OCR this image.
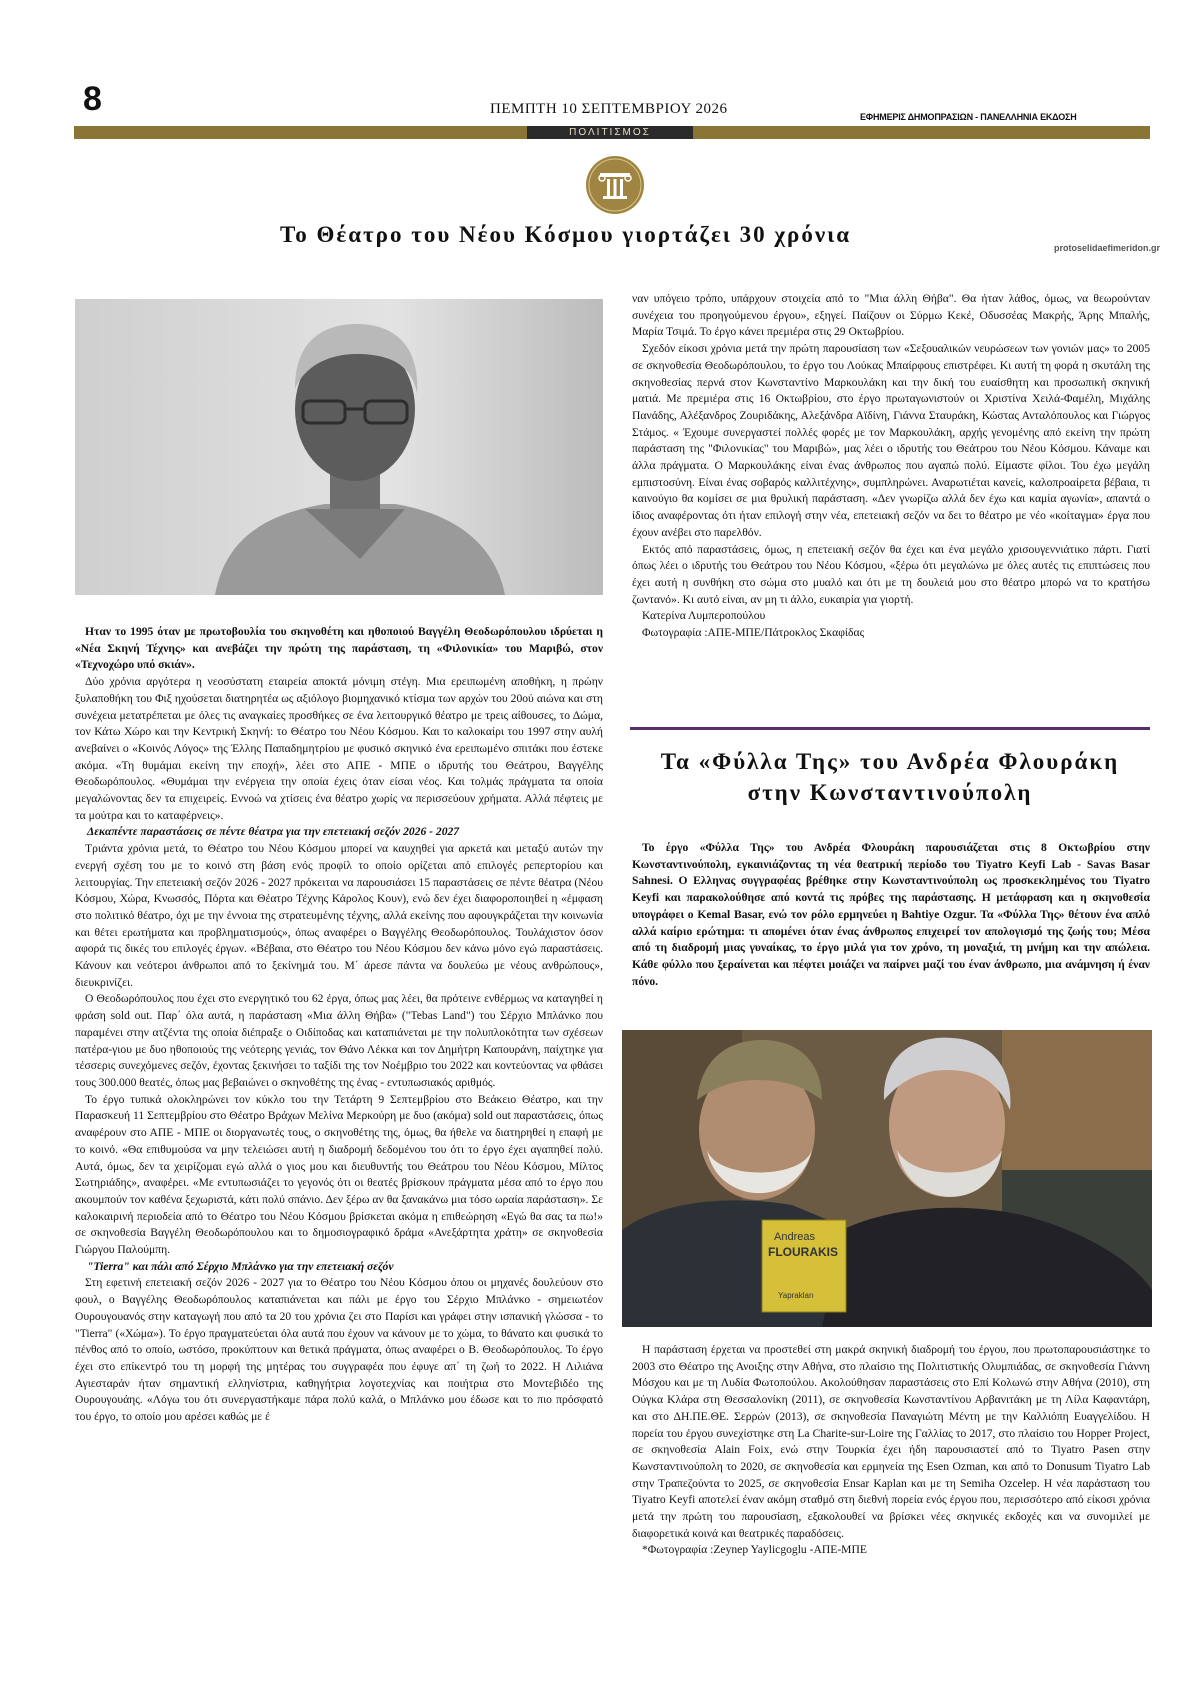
8	ΠΕΜΠΤΗ 10 ΣΕΠΤΕΜΒΡΙΟΥ 2026	ΕΦΗΜΕΡΙΣ ΔΗΜΟΠΡΑΣΙΩΝ - ΠΑΝΕΛΛΗΝΙΑ ΕΚΔΟΣΗ
ΠΟΛΙΤΙΣΜΟΣ
Το Θέατρο του Νέου Κόσμου γιορτάζει 30 χρόνια
protoselidaefimeridon.gr

Ηταν το 1995 όταν με πρωτοβουλία του σκηνοθέτη και ηθοποιού Βαγγέλη Θεοδωρόπουλου ιδρύεται η «Νέα Σκηνή Τέχνης» και ανεβάζει την πρώτη της παράσταση, τη «Φιλονικία» του Μαριβώ, στον «Τεχνοχώρο υπό σκιάν».

Δύο χρόνια αργότερα η νεοσύστατη εταιρεία αποκτά μόνιμη στέγη. Μια ερειπωμένη αποθήκη, η πρώην ξυλαποθήκη του Φιξ ηχούσεται διατηρητέα ως αξιόλογο βιομηχανικό κτίσμα των αρχών του 20ού αιώνα και στη συνέχεια μετατρέπεται με όλες τις αναγκαίες προσθήκες σε ένα λειτουργικό θέατρο με τρεις αίθουσες, το Δώμα, τον Κάτω Χώρο και την Κεντρική Σκηνή: το Θέατρο του Νέου Κόσμου. Και το καλοκαίρι του 1997 στην αυλή ανεβαίνει ο «Κοινός Λόγος» της Έλλης Παπαδημητρίου με φυσικό σκηνικό ένα ερειπωμένο σπιτάκι που έστεκε ακόμα. «Τη θυμάμαι εκείνη την εποχή», λέει στο ΑΠΕ - ΜΠΕ ο ιδρυτής του Θεάτρου, Βαγγέλης Θεοδωρόπουλος. «Θυμάμαι την ενέργεια την οποία έχεις όταν είσαι νέος. Και τολμάς πράγματα τα οποία μεγαλώνοντας δεν τα επιχειρείς. Εννοώ να χτίσεις ένα θέατρο χωρίς να περισσεύουν χρήματα. Αλλά πέφτεις με τα μούτρα και το καταφέρνεις».

Δεκαπέντε παραστάσεις σε πέντε θέατρα για την επετειακή σεζόν 2026 - 2027

Τριάντα χρόνια μετά, το Θέατρο του Νέου Κόσμου μπορεί να καυχηθεί για αρκετά και μεταξύ αυτών την ενεργή σχέση του με το κοινό στη βάση ενός προφίλ το οποίο ορίζεται από επιλογές ρεπερτορίου και λειτουργίας. Την επετειακή σεζόν 2026 - 2027 πρόκειται να παρουσιάσει 15 παραστάσεις σε πέντε θέατρα (Νέου Κόσμου, Χώρα, Κνωσσός, Πόρτα και Θέατρο Τέχνης Κάρολος Κουν), ενώ δεν έχει διαφοροποιηθεί η «έμφαση στο πολιτικό θέατρο, όχι με την έννοια της στρατευμένης τέχνης, αλλά εκείνης που αφουγκράζεται την κοινωνία και θέτει ερωτήματα και προβληματισμούς», όπως αναφέρει ο Βαγγέλης Θεοδωρόπουλος. Τουλάχιστον όσον αφορά τις δικές του επιλογές έργων. «Βέβαια, στο Θέατρο του Νέου Κόσμου δεν κάνω μόνο εγώ παραστάσεις. Κάνουν και νεότεροι άνθρωποι από το ξεκίνημά του. Μ΄ άρεσε πάντα να δουλεύω με νέους ανθρώπους», διευκρινίζει.

Ο Θεοδωρόπουλος που έχει στο ενεργητικό του 62 έργα, όπως μας λέει, θα πρότεινε ενθέρμως να καταγηθεί η φράση sold out. Παρ΄ όλα αυτά, η παράσταση «Μια άλλη Θήβα» ("Tebas Land") του Σέρχιο Μπλάνκο που παραμένει στην ατζέντα της οποία διέπραξε ο Οιδίποδας και καταπιάνεται με την πολυπλοκότητα των σχέσεων πατέρα-γιου με δυο ηθοποιούς της νεότερης γενιάς, τον Θάνο Λέκκα και τον Δημήτρη Καπουράνη, παίχτηκε για τέσσερις συνεχόμενες σεζόν, έχοντας ξεκινήσει το ταξίδι της τον Νοέμβριο του 2022 και κοντεύοντας να φθάσει τους 300.000 θεατές, όπως μας βεβαιώνει ο σκηνοθέτης της ένας - εντυπωσιακός αριθμός.

Το έργο τυπικά ολοκληρώνει τον κύκλο του την Τετάρτη 9 Σεπτεμβρίου στο Βεάκειο Θέατρο, και την Παρασκευή 11 Σεπτεμβρίου στο Θέατρο Βράχων Μελίνα Μερκούρη με δυο (ακόμα) sold out παραστάσεις, όπως αναφέρουν στο ΑΠΕ - ΜΠΕ οι διοργανωτές τους, ο σκηνοθέτης της, όμως, θα ήθελε να διατηρηθεί η επαφή με το κοινό. «Θα επιθυμούσα να μην τελειώσει αυτή η διαδρομή δεδομένου του ότι το έργο έχει αγαπηθεί πολύ. Αυτά, όμως, δεν τα χειρίζομαι εγώ αλλά ο γιος μου και διευθυντής του Θεάτρου του Νέου Κόσμου, Μίλτος Σωτηριάδης», αναφέρει. «Με εντυπωσιάζει το γεγονός ότι οι θεατές βρίσκουν πράγματα μέσα από το έργο που ακουμπούν τον καθένα ξεχωριστά, κάτι πολύ σπάνιο. Δεν ξέρω αν θα ξανακάνω μια τόσο ωραία παράσταση». Σε καλοκαιρινή περιοδεία από το Θέατρο του Νέου Κόσμου βρίσκεται ακόμα η επιθεώρηση «Εγώ θα σας τα πω!» σε σκηνοθεσία Βαγγέλη Θεοδωρόπουλου και το δημοσιογραφικό δράμα «Ανεξάρτητα χράτη» σε σκηνοθεσία Γιώργου Παλούμπη.

"Tierra" και πάλι από Σέρχιο Μπλάνκο για την επετειακή σεζόν

Στη εφετινή επετειακή σεζόν 2026 - 2027 για το Θέατρο του Νέου Κόσμου όπου οι μηχανές δουλεύουν στο φουλ, ο Βαγγέλης Θεοδωρόπουλος καταπιάνεται και πάλι με έργο του Σέρχιο Μπλάνκο - σημειωτέον Ουρουγουανός στην καταγωγή που από τα 20 του χρόνια ζει στο Παρίσι και γράφει στην ισπανική γλώσσα - το "Tierra" («Χώμα»). Το έργο πραγματεύεται όλα αυτά που έχουν να κάνουν με το χώμα, το θάνατο και φυσικά το πένθος από το οποίο, ωστόσο, προκύπτουν και θετικά πράγματα, όπως αναφέρει ο Β. Θεοδωρόπουλος. Το έργο έχει στο επίκεντρό του τη μορφή της μητέρας του συγγραφέα που έφυγε απ΄ τη ζωή το 2022. Η Λιλιάνα Αγιεσταράν ήταν σημαντική ελληνίστρια, καθηγήτρια λογοτεχνίας και ποιήτρια στο Μοντεβιδέο της Ουρουγουάης. «Λόγω του ότι συνεργαστήκαμε πάρα πολύ καλά, ο Μπλάνκο μου έδωσε και το πιο πρόσφατό του έργο, το οποίο μου αρέσει καθώς με έ

ναν υπόγειο τρόπο, υπάρχουν στοιχεία από το "Μια άλλη Θήβα". Θα ήταν λάθος, όμως, να θεωρούνταν συνέχεια του προηγούμενου έργου», εξηγεί. Παίζουν οι Σύρμω Κεκέ, Οδυσσέας Μακρής, Άρης Μπαλής, Μαρία Τσιμά. Το έργο κάνει πρεμιέρα στις 29 Οκτωβρίου.

Σχεδόν είκοσι χρόνια μετά την πρώτη παρουσίαση των «Σεξουαλικών νευρώσεων των γονιών μας» το 2005 σε σκηνοθεσία Θεοδωρόπουλου, το έργο του Λούκας Μπαίρφους επιστρέφει. Κι αυτή τη φορά η σκυτάλη της σκηνοθεσίας περνά στον Κωνσταντίνο Μαρκουλάκη και την δική του ευαίσθητη και προσωπική σκηνική ματιά. Με πρεμιέρα στις 16 Οκτωβρίου, στο έργο πρωταγωνιστούν οι Χριστίνα Χειλά-Φαμέλη, Μιχάλης Πανάδης, Αλέξανδρος Ζουριδάκης, Αλεξάνδρα Αϊδίνη, Γιάννα Σταυράκη, Κώστας Ανταλόπουλος και Γιώργος Στάμος. « Έχουμε συνεργαστεί πολλές φορές με τον Μαρκουλάκη, αρχής γενομένης από εκείνη την πρώτη παράσταση της "Φιλονικίας" του Μαριβώ», μας λέει ο ιδρυτής του Θεάτρου του Νέου Κόσμου. Κάναμε και άλλα πράγματα. Ο Μαρκουλάκης είναι ένας άνθρωπος που αγαπώ πολύ. Είμαστε φίλοι. Του έχω μεγάλη εμπιστοσύνη. Είναι ένας σοβαρός καλλιτέχνης», συμπληρώνει. Αναρωτιέται κανείς, καλοπροαίρετα βέβαια, τι καινούγιο θα κομίσει σε μια θρυλική παράσταση. «Δεν γνωρίζω αλλά δεν έχω και καμία αγωνία», απαντά ο ίδιος αναφέροντας ότι ήταν επιλογή στην νέα, επετειακή σεζόν να δει το θέατρο με νέο «κοίταγμα» έργα που έχουν ανέβει στο παρελθόν.

Εκτός από παραστάσεις, όμως, η επετειακή σεζόν θα έχει και ένα μεγάλο χρισουγεννιάτικο πάρτι. Γιατί όπως λέει ο ιδρυτής του Θεάτρου του Νέου Κόσμου, «ξέρω ότι μεγαλώνω με όλες αυτές τις επιπτώσεις που έχει αυτή η συνθήκη στο σώμα στο μυαλό και ότι με τη δουλειά μου στο θέατρο μπορώ να το κρατήσω ζωντανό». Κι αυτό είναι, αν μη τι άλλο, ευκαιρία για γιορτή.

Κατερίνα Λυμπεροπούλου

Φωτογραφία :ΑΠΕ-ΜΠΕ/Πάτροκλος Σκαφίδας

Τα «Φύλλα Της» του Ανδρέα Φλουράκη στην Κωνσταντινούπολη

Το έργο «Φύλλα Της» του Ανδρέα Φλουράκη παρουσιάζεται στις 8 Οκτωβρίου στην Κωνσταντινούπολη, εγκαινιάζοντας τη νέα θεατρική περίοδο του Tiyatro Keyfi Lab - Savas Basar Sahnesi. Ο Ελληνας συγγραφέας βρέθηκε στην Κωνσταντινούπολη ως προσκεκλημένος του Tiyatro Keyfi και παρακολούθησε από κοντά τις πρόβες της παράστασης. Η μετάφραση και η σκηνοθεσία υπογράφει ο Kemal Basar, ενώ τον ρόλο ερμηνεύει η Bahtiye Ozgur. Τα «Φύλλα Της» θέτουν ένα απλό αλλά καίριο ερώτημα: τι απομένει όταν ένας άνθρωπος επιχειρεί τον απολογισμό της ζωής του; Μέσα από τη διαδρομή μιας γυναίκας, το έργο μιλά για τον χρόνο, τη μοναξιά, τη μνήμη και την απώλεια. Κάθε φύλλο που ξεραίνεται και πέφτει μοιάζει να παίρνει μαζί του έναν άνθρωπο, μια ανάμνηση ή έναν πόνο.

Andreas
FLOURAKIS
Yaprakları

Η παράσταση έρχεται να προστεθεί στη μακρά σκηνική διαδρομή του έργου, που πρωτοπαρουσιάστηκε το 2003 στο Θέατρο της Ανοιξης στην Αθήνα, στο πλαίσιο της Πολιτιστικής Ολυμπιάδας, σε σκηνοθεσία Γιάννη Μόσχου και με τη Λυδία Φωτοπούλου. Ακολούθησαν παραστάσεις στο Επί Κολωνώ στην Αθήνα (2010), στη Ούγκα Κλάρα στη Θεσσαλονίκη (2011), σε σκηνοθεσία Κωνσταντίνου Αρβανιτάκη με τη Λίλα Καφαντάρη, και στο ΔΗ.ΠΕ.ΘΕ. Σερρών (2013), σε σκηνοθεσία Παναγιώτη Μέντη με την Καλλιόπη Ευαγγελίδου. Η πορεία του έργου συνεχίστηκε στη La Charite-sur-Loire της Γαλλίας το 2017, στο πλαίσιο του Hopper Project, σε σκηνοθεσία Alain Foix, ενώ στην Τουρκία έχει ήδη παρουσιαστεί από το Tiyatro Pasen στην Κωνσταντινούπολη το 2020, σε σκηνοθεσία και ερμηνεία της Esen Ozman, και από το Donusum Tiyatro Lab στην Τραπεζούντα το 2025, σε σκηνοθεσία Ensar Kaplan και με τη Semiha Ozcelep. Η νέα παράσταση του Tiyatro Keyfi αποτελεί έναν ακόμη σταθμό στη διεθνή πορεία ενός έργου που, περισσότερο από είκοσι χρόνια μετά την πρώτη του παρουσίαση, εξακολουθεί να βρίσκει νέες σκηνικές εκδοχές και να συνομιλεί με διαφορετικά κοινά και θεατρικές παραδόσεις.

*Φωτογραφία :Zeynep Yaylicgoglu -ΑΠΕ-ΜΠΕ
